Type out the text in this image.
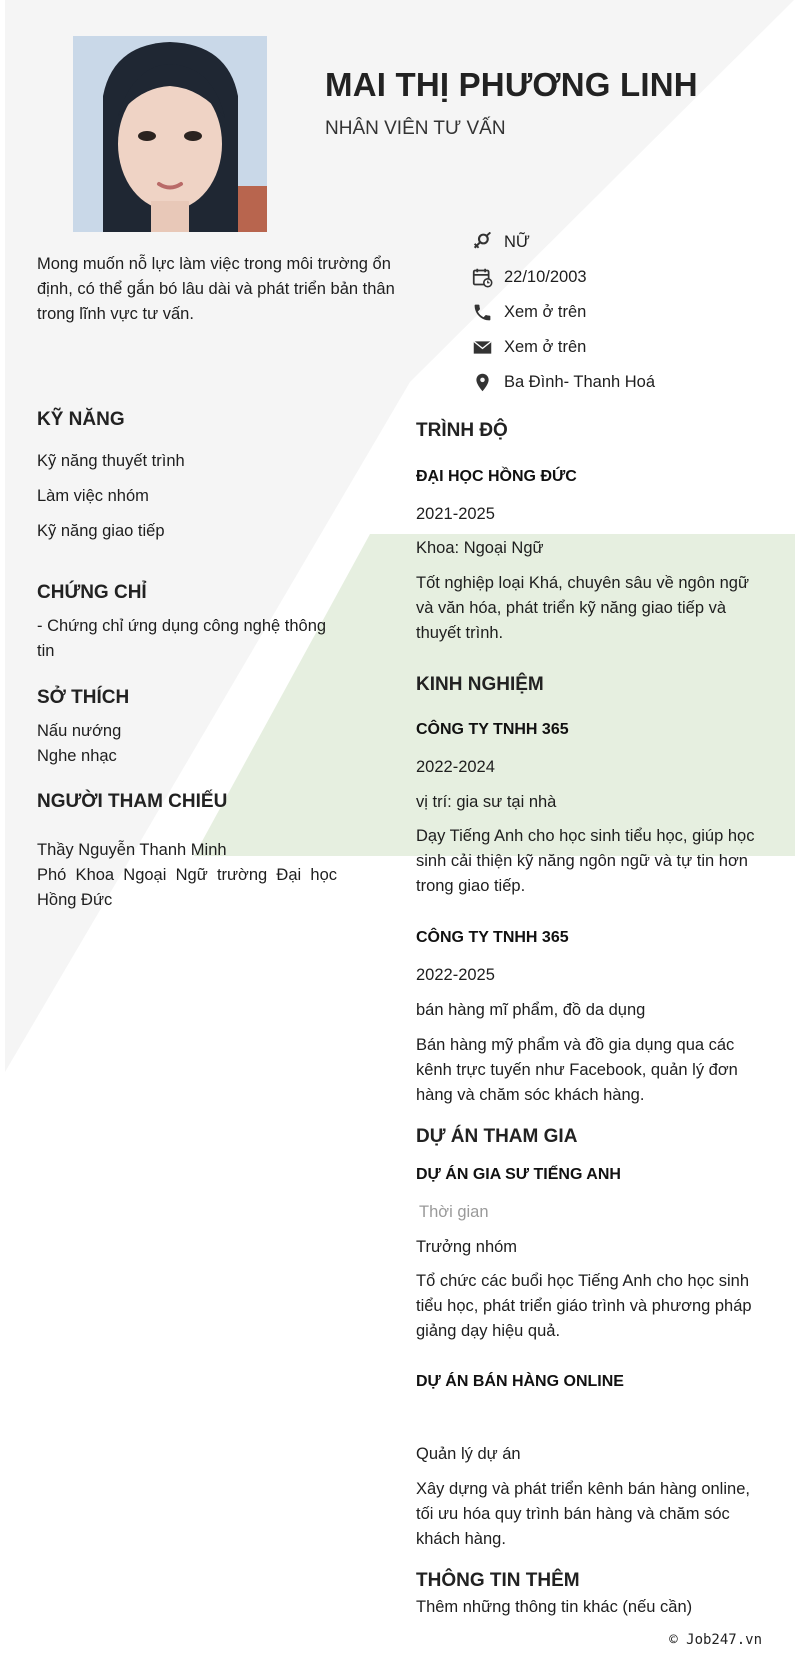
MAI THỊ PHƯƠNG LINH
NHÂN VIÊN TƯ VẤN
Mong muốn nỗ lực làm việc trong môi trường ổn định, có thể gắn bó lâu dài và phát triển bản thân trong lĩnh vực tư vấn.
NỮ
22/10/2003
Xem ở trên
Xem ở trên
Ba Đình- Thanh Hoá
KỸ NĂNG
Kỹ năng thuyết trình
Làm việc nhóm
Kỹ năng giao tiếp
CHỨNG CHỈ
- Chứng chỉ ứng dụng công nghệ thông tin
SỞ THÍCH
Nấu nướng
Nghe nhạc
NGƯỜI THAM CHIẾU
Thầy Nguyễn Thanh Minh
Phó Khoa Ngoại Ngữ trường Đại học Hồng Đức
TRÌNH ĐỘ
ĐẠI HỌC HỒNG ĐỨC
2021-2025
Khoa: Ngoại Ngữ
Tốt nghiệp loại Khá, chuyên sâu về ngôn ngữ và văn hóa, phát triển kỹ năng giao tiếp và thuyết trình.
KINH NGHIỆM
CÔNG TY TNHH 365
2022-2024
vị trí: gia sư tại nhà
Dạy Tiếng Anh cho học sinh tiểu học, giúp học sinh cải thiện kỹ năng ngôn ngữ và tự tin hơn trong giao tiếp.
CÔNG TY TNHH 365
2022-2025
bán hàng mĩ phẩm, đồ da dụng
Bán hàng mỹ phẩm và đồ gia dụng qua các kênh trực tuyến như Facebook, quản lý đơn hàng và chăm sóc khách hàng.
DỰ ÁN THAM GIA
DỰ ÁN GIA SƯ TIẾNG ANH
Thời gian
Trưởng nhóm
Tổ chức các buổi học Tiếng Anh cho học sinh tiểu học, phát triển giáo trình và phương pháp giảng dạy hiệu quả.
DỰ ÁN BÁN HÀNG ONLINE
Quản lý dự án
Xây dựng và phát triển kênh bán hàng online, tối ưu hóa quy trình bán hàng và chăm sóc khách hàng.
THÔNG TIN THÊM
Thêm những thông tin khác (nếu cần)
© Job247.vn
